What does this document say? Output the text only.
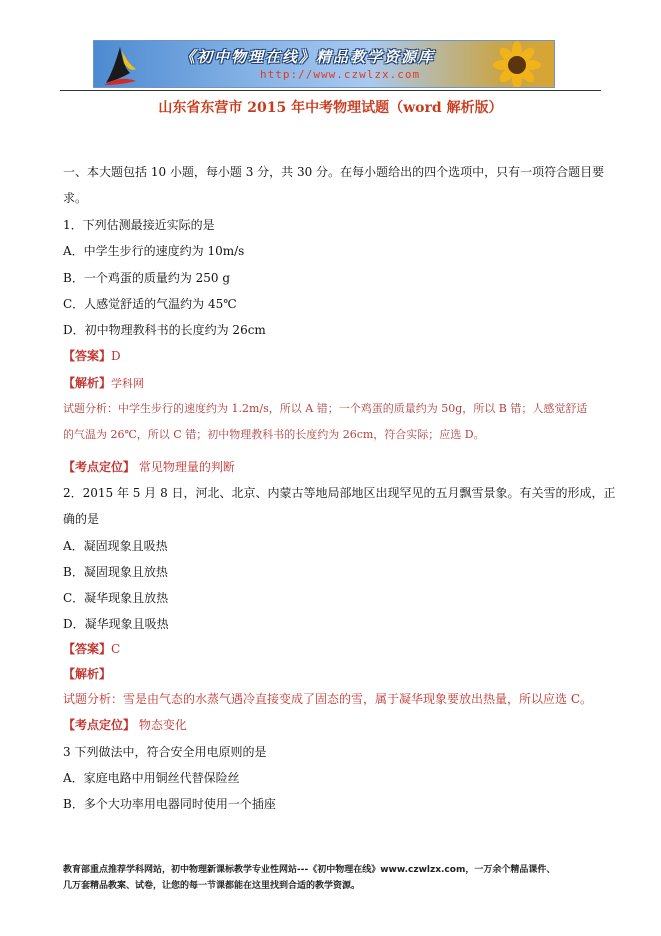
《初中物理在线》精品教学资源库
http://www.czwlzx.com
山东省东营市 2015 年中考物理试题（word 解析版）
一、本大题包括 10 小题，每小题 3 分，共 30 分。在每小题给出的四个选项中，只有一项符合题目要
求。
1．下列估测最接近实际的是
A．中学生步行的速度约为 10m/s
B．一个鸡蛋的质量约为 250 g
C．人感觉舒适的气温约为 45℃
D．初中物理教科书的长度约为 26cm
【答案】D
【解析】学科网
试题分析：中学生步行的速度约为 1.2m/s，所以 A 错；一个鸡蛋的质量约为 50g，所以 B 错；人感觉舒适
的气温为 26℃，所以 C 错；初中物理教科书的长度约为 26cm，符合实际；应选 D。
【考点定位】 常见物理量的判断
2．2015 年 5 月 8 日，河北、北京、内蒙古等地局部地区出现罕见的五月飘雪景象。有关雪的形成，正
确的是
A．凝固现象且吸热
B．凝固现象且放热
C．凝华现象且放热
D．凝华现象且吸热
【答案】C
【解析】
试题分析：雪是由气态的水蒸气遇冷直接变成了固态的雪，属于凝华现象要放出热量，所以应选 C。
【考点定位】 物态变化
3 下列做法中，符合安全用电原则的是
A．家庭电路中用铜丝代替保险丝
B．多个大功率用电器同时使用一个插座
教育部重点推荐学科网站，初中物理新课标教学专业性网站---《初中物理在线》www.czwlzx.com，一万余个精品课件、
几万套精品教案、试卷，让您的每一节课都能在这里找到合适的教学资源。
